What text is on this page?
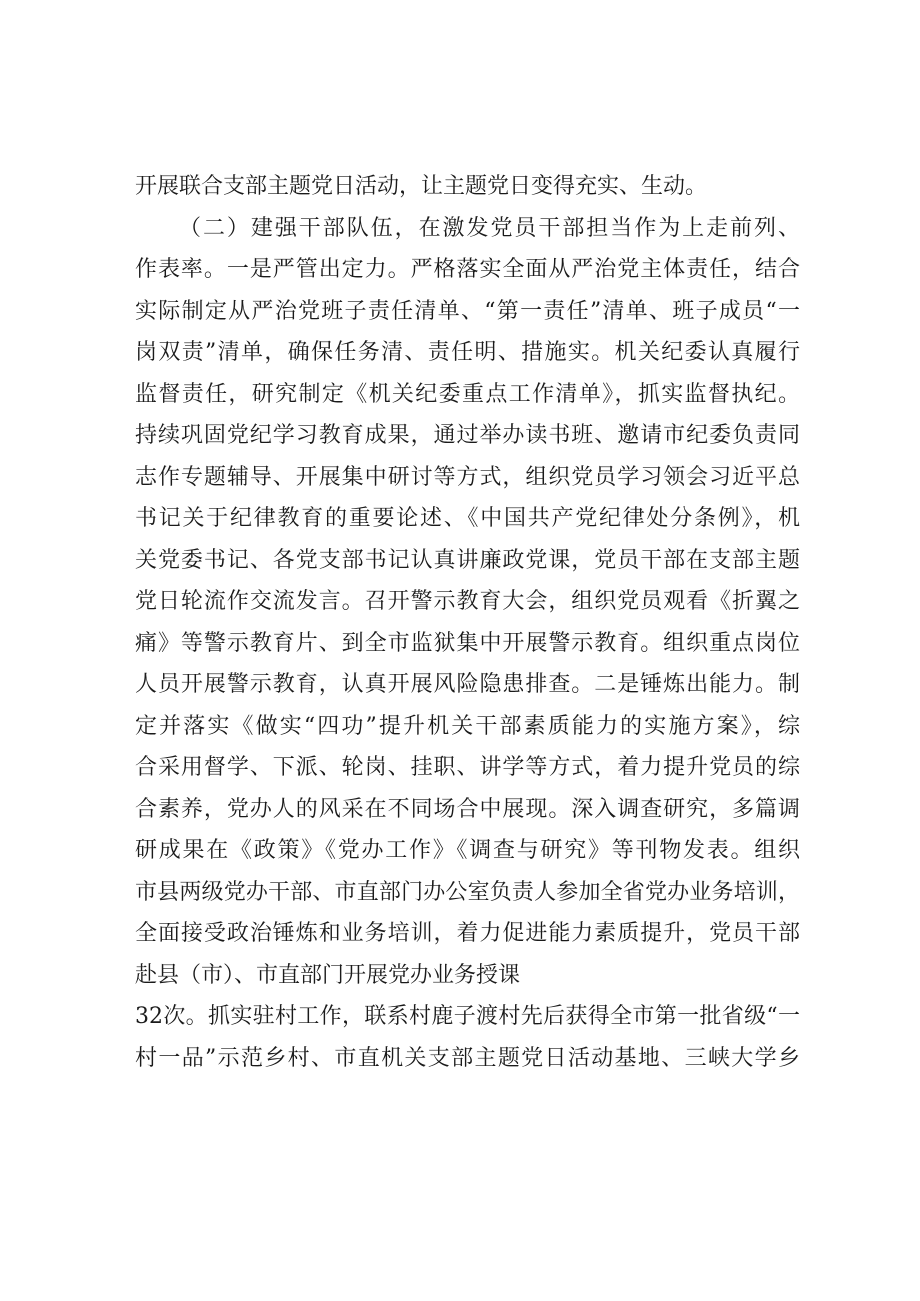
开展联合支部主题党日活动，让主题党日变得充实、生动。
（二）建强干部队伍，在激发党员干部担当作为上走前列、
作表率。一是严管出定力。严格落实全面从严治党主体责任，结合
实际制定从严治党班子责任清单、“第一责任”清单、班子成员“一
岗双责”清单，确保任务清、责任明、措施实。机关纪委认真履行
监督责任，研究制定《机关纪委重点工作清单》，抓实监督执纪。
持续巩固党纪学习教育成果，通过举办读书班、邀请市纪委负责同
志作专题辅导、开展集中研讨等方式，组织党员学习领会习近平总
书记关于纪律教育的重要论述、《中国共产党纪律处分条例》，机
关党委书记、各党支部书记认真讲廉政党课，党员干部在支部主题
党日轮流作交流发言。召开警示教育大会，组织党员观看《折翼之
痛》等警示教育片、到全市监狱集中开展警示教育。组织重点岗位
人员开展警示教育，认真开展风险隐患排查。二是锤炼出能力。制
定并落实《做实“四功”提升机关干部素质能力的实施方案》，综
合采用督学、下派、轮岗、挂职、讲学等方式，着力提升党员的综
合素养，党办人的风采在不同场合中展现。深入调查研究，多篇调
研成果在《政策》《党办工作》《调查与研究》等刊物发表。组织
市县两级党办干部、市直部门办公室负责人参加全省党办业务培训，
全面接受政治锤炼和业务培训，着力促进能力素质提升，党员干部
赴县（市）、市直部门开展党办业务授课
32次。抓实驻村工作，联系村鹿子渡村先后获得全市第一批省级“一
村一品”示范乡村、市直机关支部主题党日活动基地、三峡大学乡
